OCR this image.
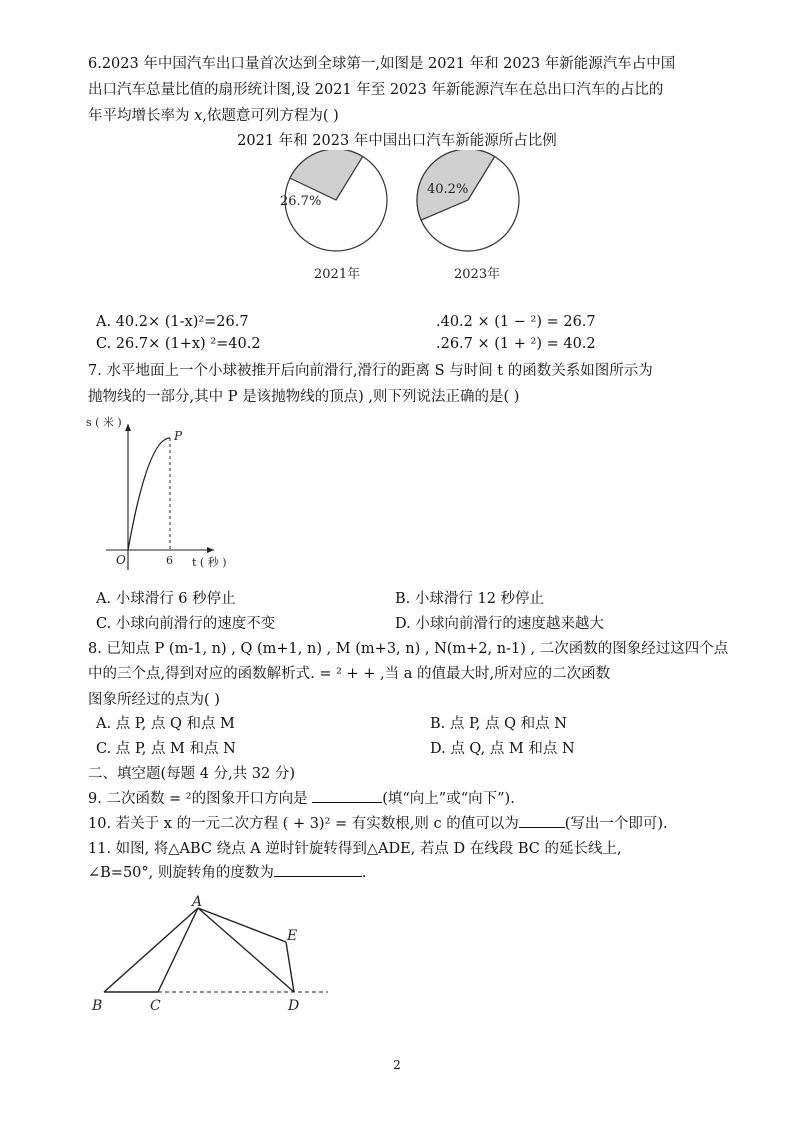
6.2023 年中国汽车出口量首次达到全球第一,如图是 2021 年和 2023 年新能源汽车占中国
出口汽车总量比值的扇形统计图,设 2021 年至 2023 年新能源汽车在总出口汽车的占比的
年平均增长率为 x,依题意可列方程为( )
2021 年和 2023 年中国出口汽车新能源所占比例
26.7%
2021年
40.2%
2023年
A. 40.2× (1-x)²=26.7	.40.2 × (1 − ²) = 26.7
C. 26.7× (1+x) ²=40.2	.26.7 × (1 + ²) = 40.2
7. 水平地面上一个小球被推开后向前滑行,滑行的距离 S 与时间 t 的函数关系如图所示为
抛物线的一部分,其中 P 是该抛物线的顶点) ,则下列说法正确的是( )
s ( 米 )
O	6
P
t ( 秒 )
A. 小球滑行 6 秒停止	B. 小球滑行 12 秒停止
C. 小球向前滑行的速度不变	D. 小球向前滑行的速度越来越大
8. 已知点 P (m-1, n) , Q (m+1, n) , M (m+3, n) , N(m+2, n-1) , 二次函数的图象经过这四个点
中的三个点,得到对应的函数解析式. = ² + + ,当 a 的值最大时,所对应的二次函数
图象所经过的点为( )
A. 点 P, 点 Q 和点 M	B. 点 P, 点 Q 和点 N
C. 点 P, 点 M 和点 N	D. 点 Q, 点 M 和点 N
二、填空题(每题 4 分,共 32 分)
9. 二次函数 = ²的图象开口方向是	(填“向上”或“向下”).
10. 若关于 x 的一元二次方程 ( + 3)² = 有实数根,则 c 的值可以为	(写出一个即可).
11. 如图, 将△ABC 绕点 A 逆时针旋转得到△ADE, 若点 D 在线段 BC 的延长线上,
∠B=50°, 则旋转角的度数为	.
A
B	C	D
E
2
